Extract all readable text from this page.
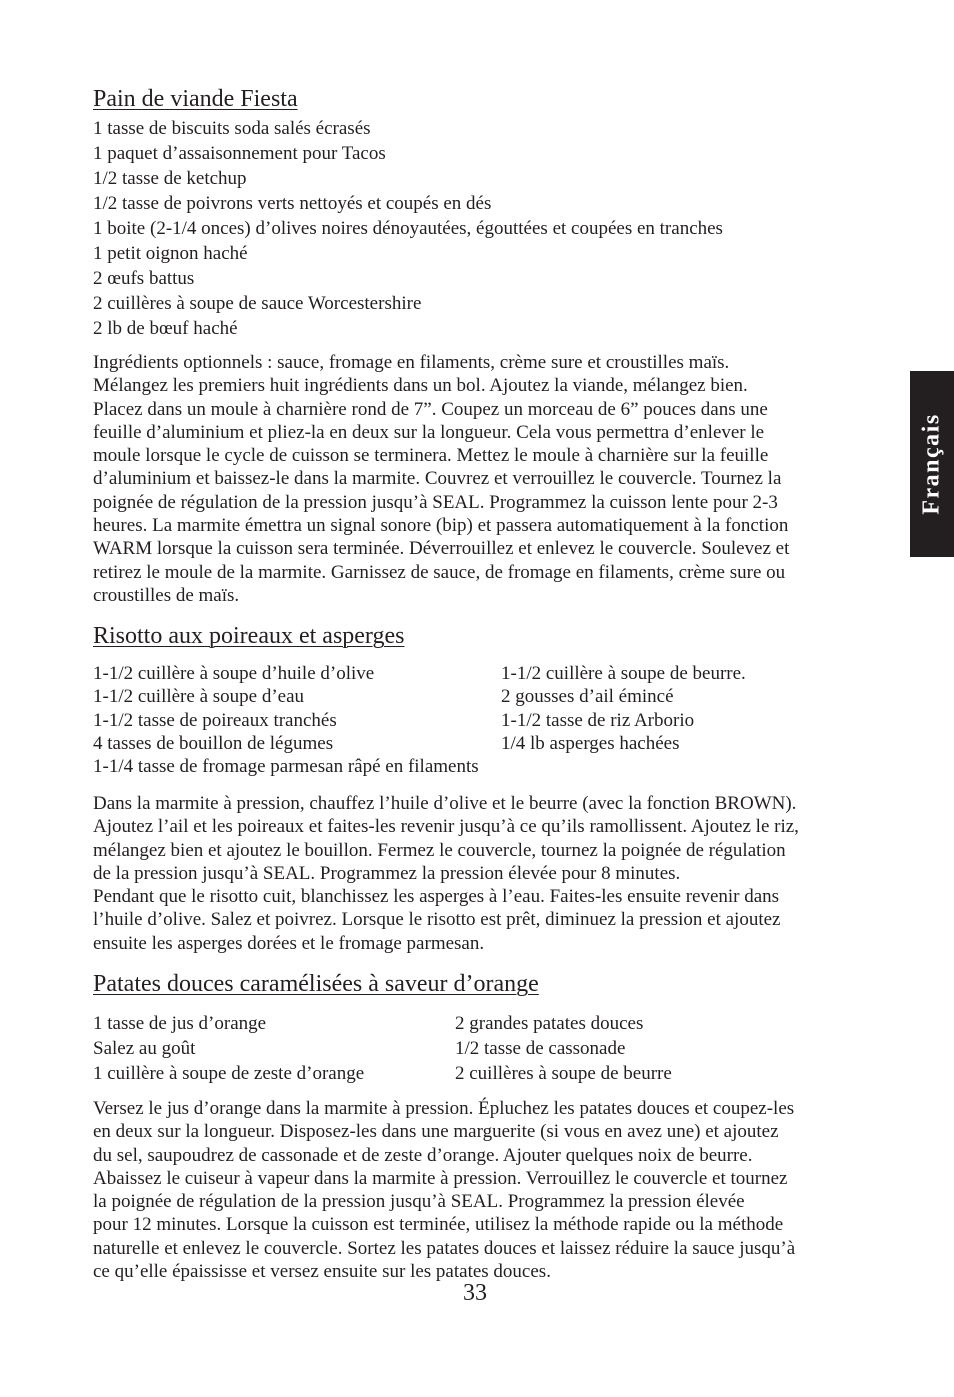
Pain de viande Fiesta
1 tasse de biscuits soda salés écrasés
1 paquet d’assaisonnement pour Tacos
1/2 tasse de ketchup
1/2 tasse de poivrons verts nettoyés et coupés en dés
1 boite (2-1/4 onces) d’olives noires dénoyautées, égouttées et coupées en tranches
1 petit oignon haché
2 œufs battus
2 cuillères à soupe de sauce Worcestershire
2 lb de bœuf haché
Ingrédients optionnels : sauce, fromage en filaments, crème sure et croustilles maïs.
Mélangez les premiers huit ingrédients dans un bol. Ajoutez la viande, mélangez bien.
Placez dans un moule à charnière rond de 7”. Coupez un morceau de 6” pouces dans une
feuille d’aluminium et pliez-la en deux sur la longueur. Cela vous permettra d’enlever le
moule lorsque le cycle de cuisson se terminera. Mettez le moule à charnière sur la feuille
d’aluminium et baissez-le dans la marmite. Couvrez et verrouillez le couvercle. Tournez la
poignée de régulation de la pression jusqu’à SEAL. Programmez la cuisson lente pour 2-3
heures. La marmite émettra un signal sonore (bip) et passera automatiquement à la fonction
WARM lorsque la cuisson sera terminée. Déverrouillez et enlevez le couvercle. Soulevez et
retirez le moule de la marmite. Garnissez de sauce, de fromage en filaments, crème sure ou
croustilles de maïs.
Risotto aux poireaux et asperges
1-1/2 cuillère à soupe d’huile d’olive
1-1/2 cuillère à soupe d’eau
1-1/2 tasse de poireaux tranchés
4 tasses de bouillon de légumes
1-1/4 tasse de fromage parmesan râpé en filaments
1-1/2 cuillère à soupe de beurre.
2 gousses d’ail émincé
1-1/2 tasse de riz Arborio
1/4 lb asperges hachées
Dans la marmite à pression, chauffez l’huile d’olive et le beurre (avec la fonction BROWN).
Ajoutez l’ail et les poireaux et faites-les revenir jusqu’à ce qu’ils ramollissent. Ajoutez le riz,
mélangez bien et ajoutez le bouillon. Fermez le couvercle, tournez la poignée de régulation
de la pression jusqu’à SEAL. Programmez la pression élevée pour 8 minutes.
Pendant que le risotto cuit, blanchissez les asperges à l’eau. Faites-les ensuite revenir dans
l’huile d’olive. Salez et poivrez. Lorsque le risotto est prêt, diminuez la pression et ajoutez
ensuite les asperges dorées et le fromage parmesan.
Patates douces caramélisées à saveur d’orange
1 tasse de jus d’orange
Salez au goût
1 cuillère à soupe de zeste d’orange
2 grandes patates douces
1/2 tasse de cassonade
2 cuillères à soupe de beurre
Versez le jus d’orange dans la marmite à pression. Épluchez les patates douces et coupez-les
en deux sur la longueur. Disposez-les dans une marguerite (si vous en avez une) et ajoutez
du sel, saupoudrez de cassonade et de zeste d’orange. Ajouter quelques noix de beurre.
Abaissez le cuiseur à vapeur dans la marmite à pression. Verrouillez le couvercle et tournez
la poignée de régulation de la pression jusqu’à SEAL. Programmez la pression élevée
pour 12 minutes. Lorsque la cuisson est terminée, utilisez la méthode rapide ou la méthode
naturelle et enlevez le couvercle. Sortez les patates douces et laissez réduire la sauce jusqu’à
ce qu’elle épaississe et versez ensuite sur les patates douces.
33
Français
